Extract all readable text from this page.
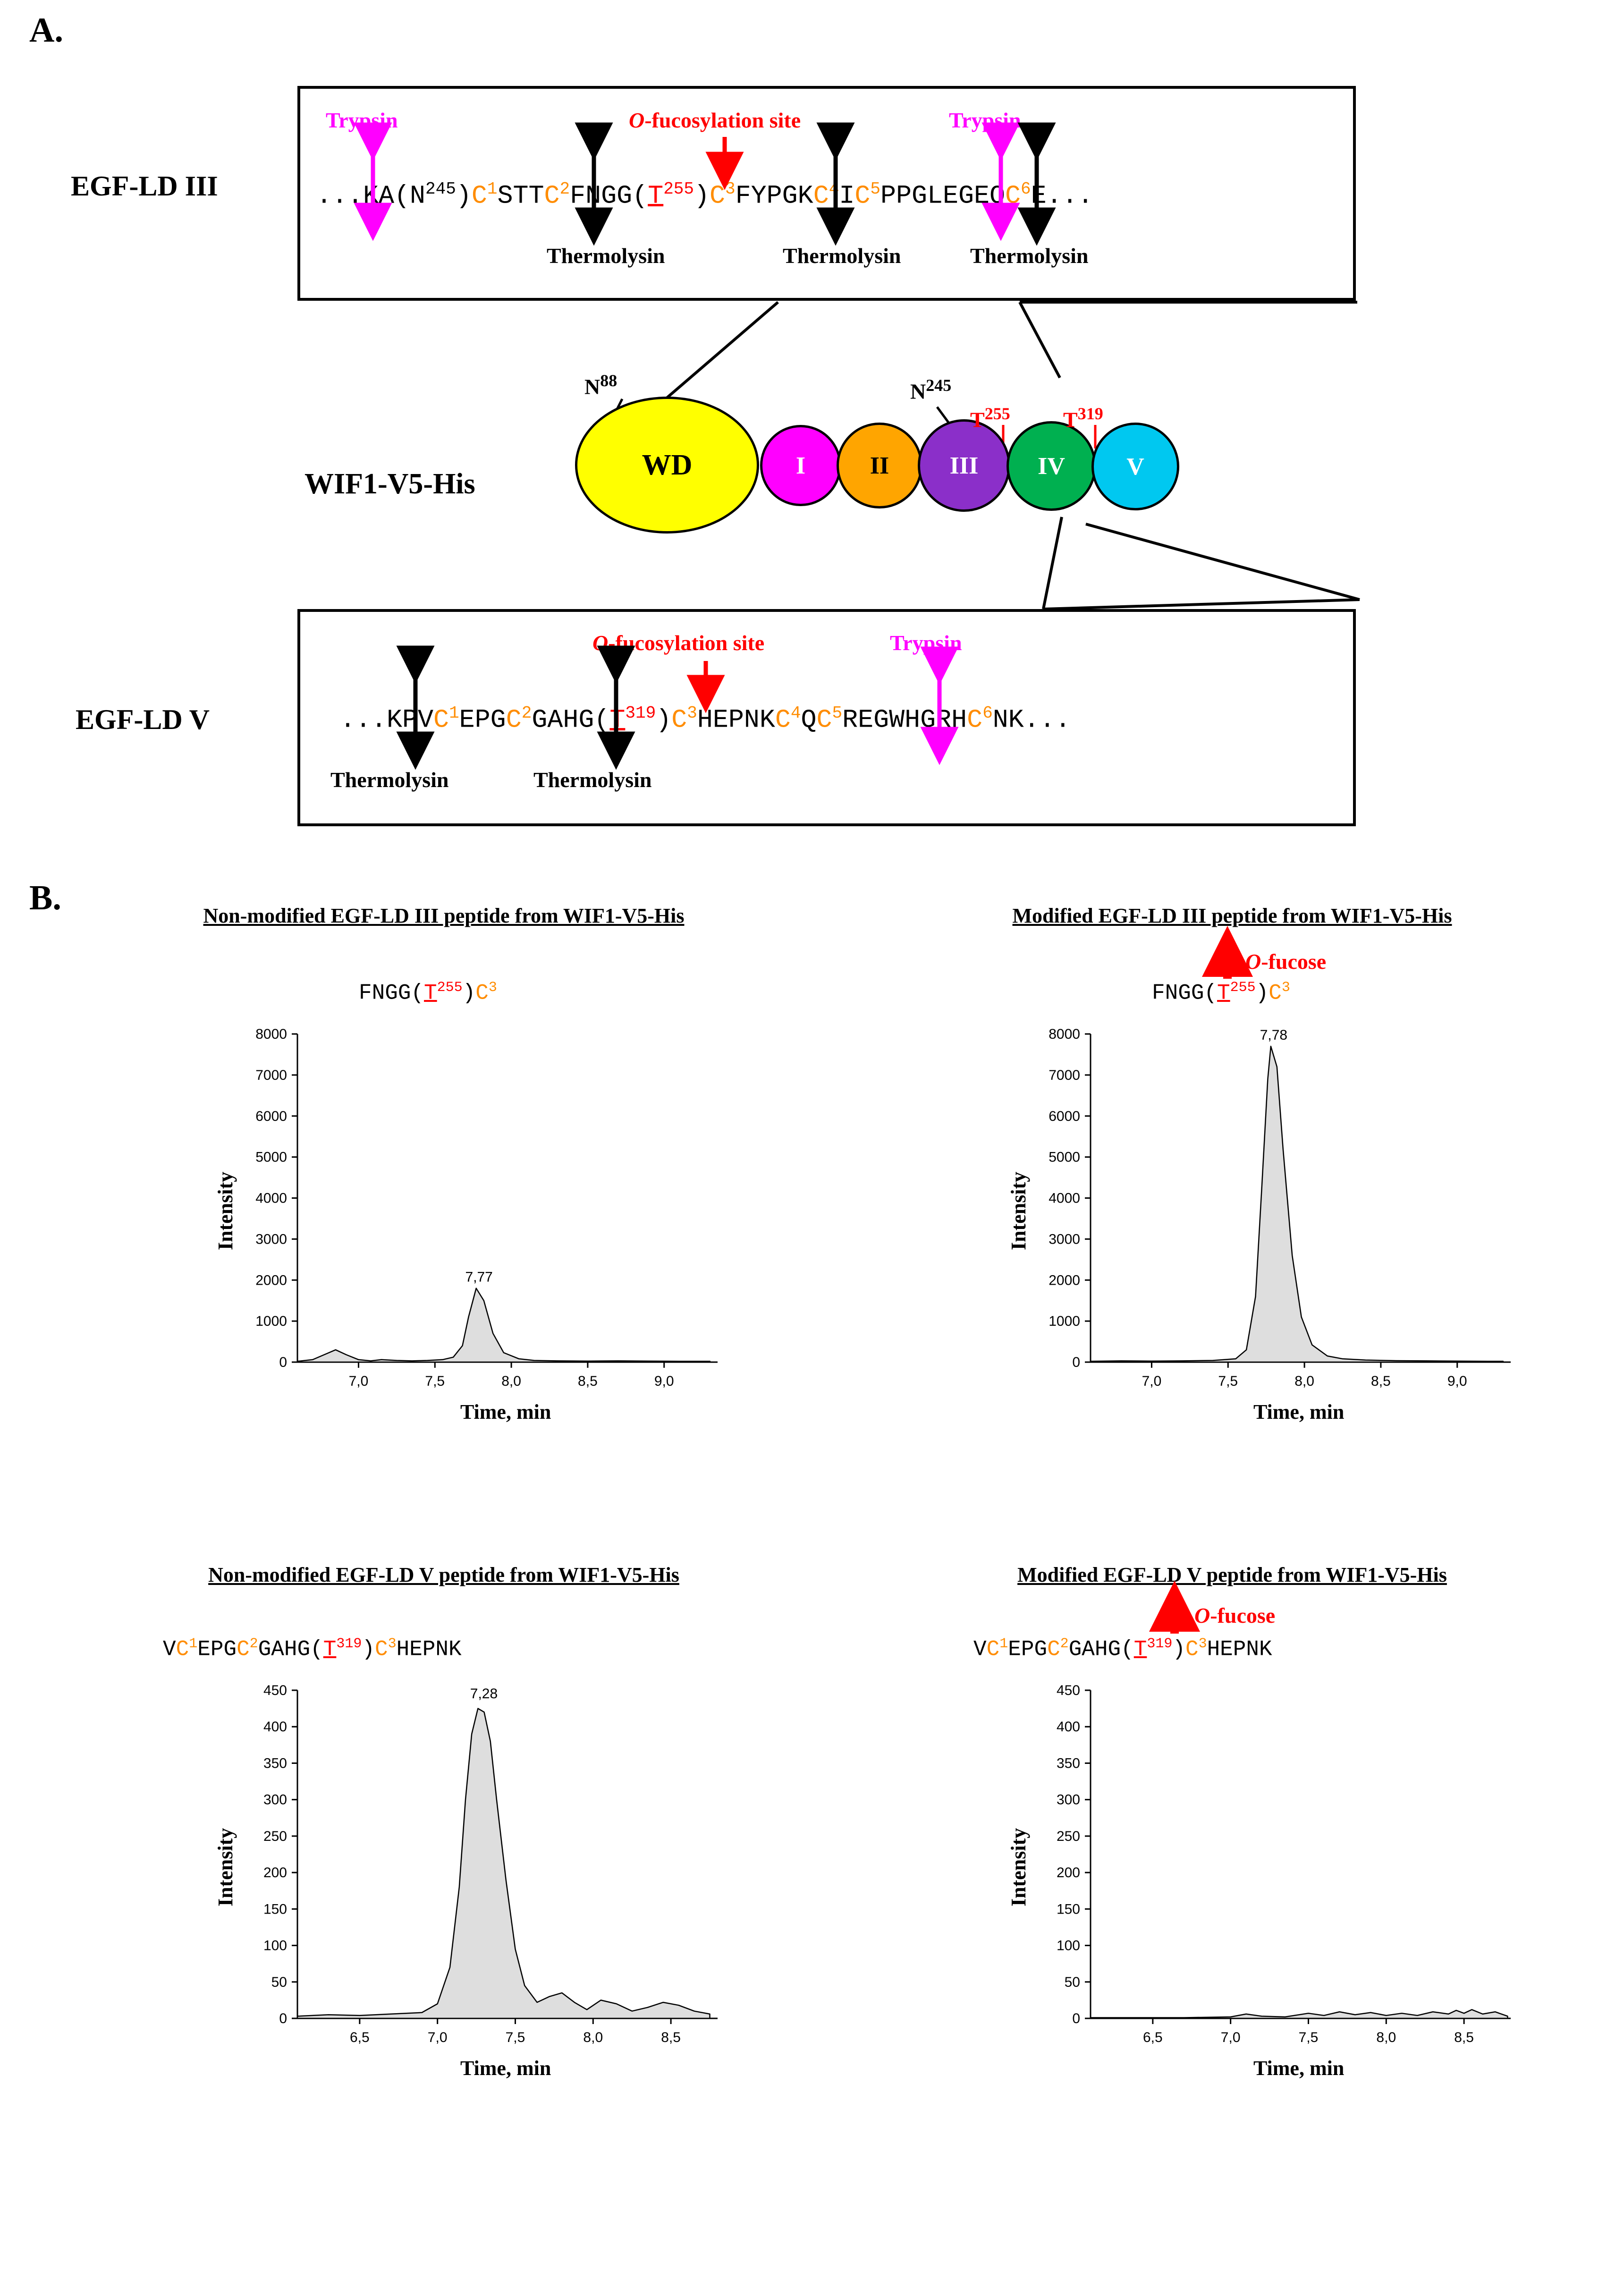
A.
EGF-LD III
Trypsin	O-fucosylation site	Trypsin
$...KA(N^{245})C^1STTC^2FNGG(T^{255})C^3FYPGKC^4IC^5PPGLEGEQC^6E$...
Thermolysin	Thermolysin	Thermolysin
EGF-LD V
O-fucosylation site	Trypsin
$...KPVC^1EPGC^2GAHG(T^{319})C^3HEPNKC^4QC^5REGWHGRHC^6NK$...
Thermolysin	Thermolysin
WIF1-V5-His
WD	I	II III IV	V
$N^{88}$	$N^{245}$
$T^{255}$ $T^{319}$
B.	Non-modified EGF-LD III peptide from WIF1-V5-His	Modified EGF-LD III peptide from WIF1-V5-His
Non-modified EGF-LD V peptide from WIF1-V5-His	Modified EGF-LD V peptide from WIF1-V5-His
$FNGG(T^{255})C^3$	$FNGG(T^{255})C^3$
$VC^1EPGC^2GAHG(T^{319})C^3HEPNK$	$VC^1EPGC^2GAHG(T^{319})C^3HEPNK$
O-fucose
O-fucose
0
1000
2000
3000
4000
5000
6000
7000
8000
7,0	7,5	8,0	8,5	9,0
7,77
Intensity
Time, min
0
1000
2000
3000
4000
5000
6000
7000
8000
7,0	7,5	8,0	8,5	9,0
7,78
Intensity
Time, min
0
50
100
150
200
250
300
350
400
450
6,5	7,0	7,5	8,0	8,5
7,28
Intensity
Time, min
0
50
100
150
200
250
300
350
400
450
6,5	7,0	7,5	8,0	8,5
Intensity
Time, min
